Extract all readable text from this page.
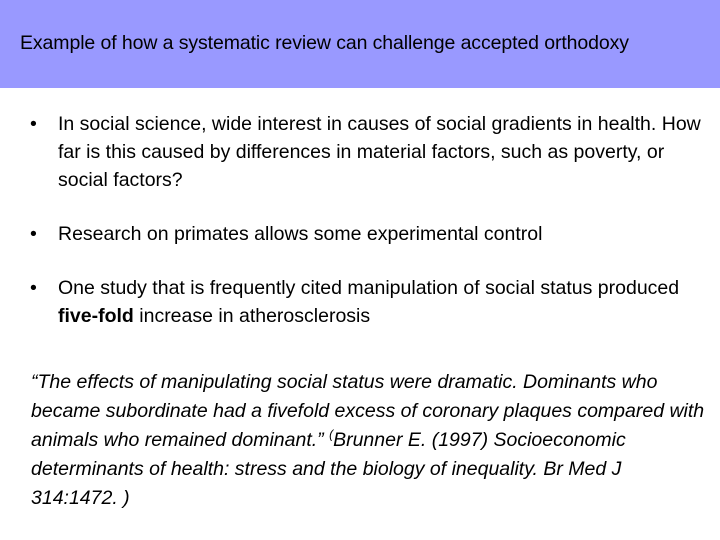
Example of how a systematic review can challenge accepted orthodoxy
• In social science, wide interest in causes of social gradients in health. How far is this caused by differences in material factors, such as poverty, or social factors?
• Research on primates allows some experimental control
• One study that is frequently cited manipulation of social status produced five-fold increase in atherosclerosis
“The effects of manipulating social status were dramatic. Dominants who became subordinate had a fivefold excess of coronary plaques compared with animals who remained dominant.” (Brunner E. (1997) Socioeconomic determinants of health: stress and the biology of inequality. Br Med J 314:1472. )
